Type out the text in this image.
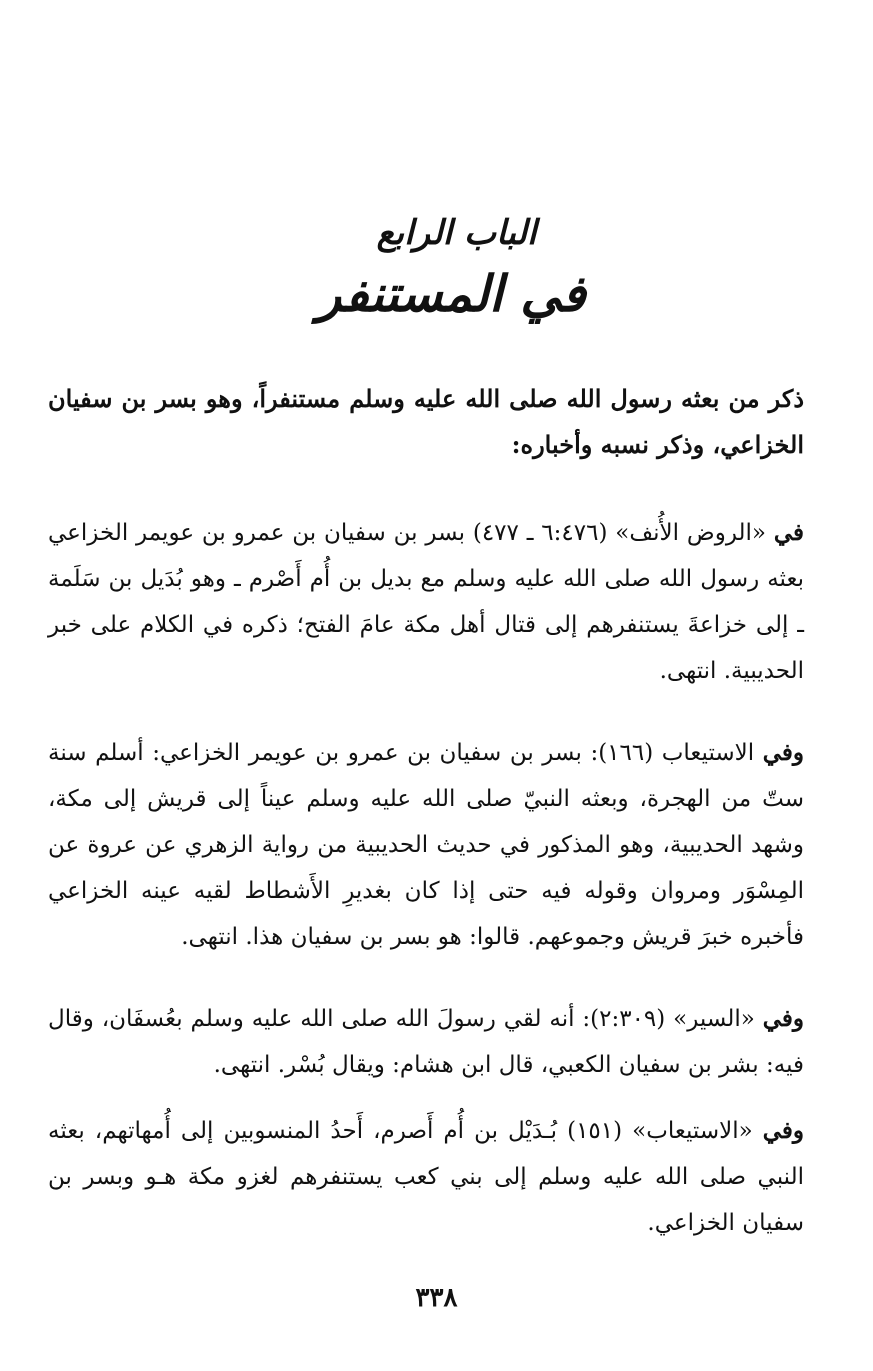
الباب الرابع
في المستنفر

ذكر من بعثه رسول الله صلى الله عليه وسلم مستنفراً، وهو بسر بن سفيان الخزاعي، وذكر نسبه وأخباره:

في «الروض الأُنف» (٦:٤٧٦ ـ ٤٧٧) بسر بن سفيان بن عمرو بن عويمر الخزاعي بعثه رسول الله صلى الله عليه وسلم مع بديل بن أُم أَصْرم ـ وهو بُدَيل بن سَلَمة ـ إلى خزاعةَ يستنفرهم إلى قتال أهل مكة عامَ الفتح؛ ذكره في الكلام على خبر الحديبية. انتهى.

وفي الاستيعاب (١٦٦): بسر بن سفيان بن عمرو بن عويمر الخزاعي: أسلم سنة ستّ من الهجرة، وبعثه النبيّ صلى الله عليه وسلم عيناً إلى قريش إلى مكة، وشهد الحديبية، وهو المذكور في حديث الحديبية من رواية الزهري عن عروة عن المِسْوَر ومروان وقوله فيه حتى إذا كان بغديرِ الأَشطاط لقيه عينه الخزاعي فأخبره خبرَ قريش وجموعهم. قالوا: هو بسر بن سفيان هذا. انتهى.

وفي «السير» (٢:٣٠٩): أنه لقي رسولَ الله صلى الله عليه وسلم بعُسفَان، وقال فيه: بشر بن سفيان الكعبي، قال ابن هشام: ويقال بُسْر. انتهى.

وفي «الاستيعاب» (١٥١) بُـدَيْل بن أُم أَصرم، أَحدُ المنسوبين إلى أُمهاتهم، بعثه النبي صلى الله عليه وسلم إلى بني كعب يستنفرهم لغزو مكة هـو وبسر بن سفيان الخزاعي.

٣٣٨
